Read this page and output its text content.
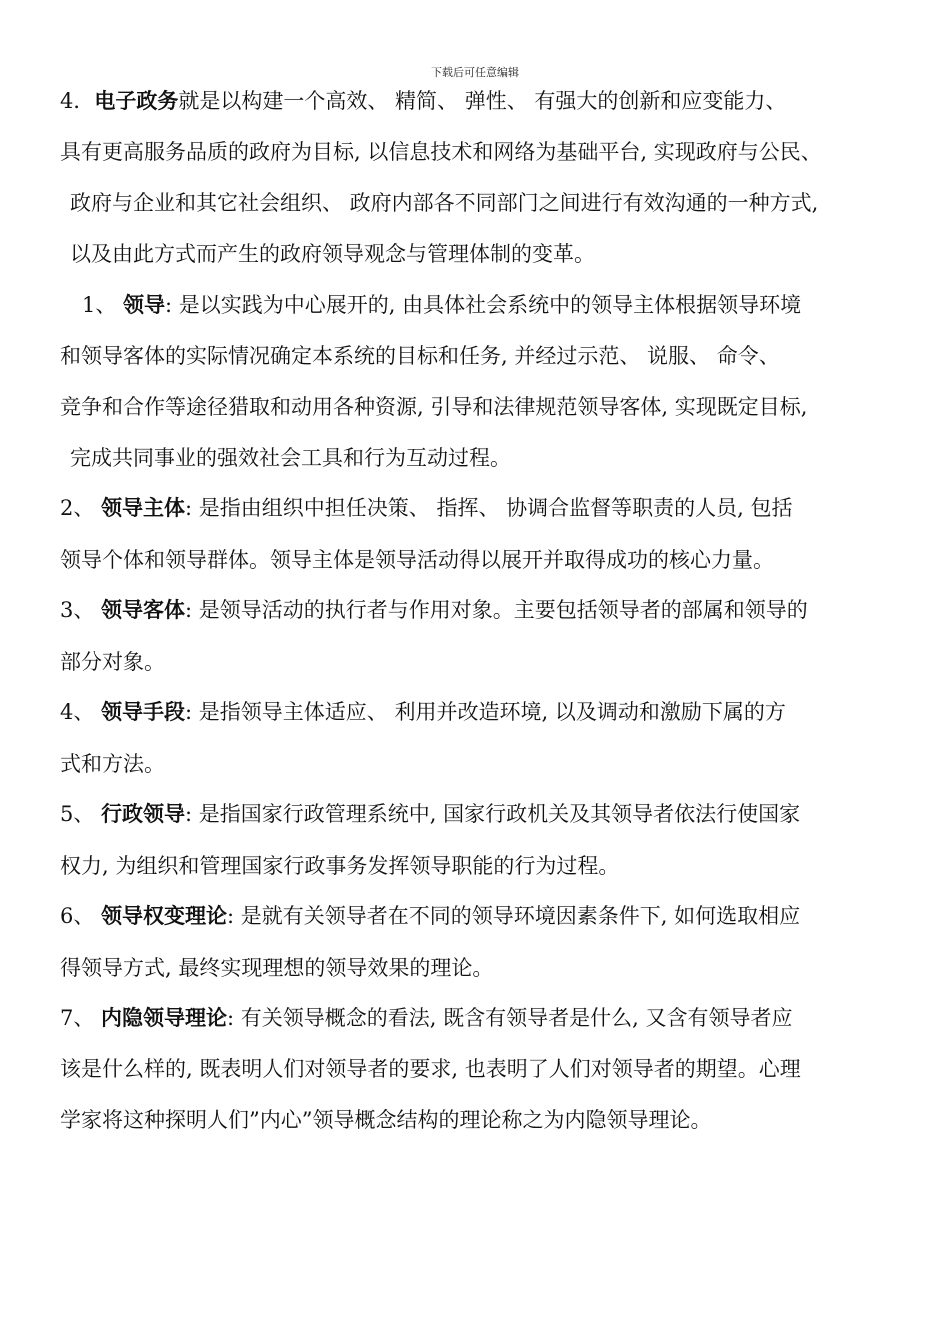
下载后可任意编辑
4．电子政务就是以构建一个高效、 精简、 弹性、 有强大的创新和应变能力、
具有更高服务品质的政府为目标, 以信息技术和网络为基础平台, 实现政府与公民、
政府与企业和其它社会组织、 政府内部各不同部门之间进行有效沟通的一种方式,
以及由此方式而产生的政府领导观念与管理体制的变革。
1、 领导: 是以实践为中心展开的, 由具体社会系统中的领导主体根据领导环境
和领导客体的实际情况确定本系统的目标和任务, 并经过示范、 说服、 命令、
竞争和合作等途径猎取和动用各种资源, 引导和法律规范领导客体, 实现既定目标,
完成共同事业的强效社会工具和行为互动过程。
2、 领导主体: 是指由组织中担任决策、 指挥、 协调合监督等职责的人员, 包括
领导个体和领导群体。领导主体是领导活动得以展开并取得成功的核心力量。
3、 领导客体: 是领导活动的执行者与作用对象。主要包括领导者的部属和领导的
部分对象。
4、 领导手段: 是指领导主体适应、 利用并改造环境, 以及调动和激励下属的方
式和方法。
5、 行政领导: 是指国家行政管理系统中, 国家行政机关及其领导者依法行使国家
权力, 为组织和管理国家行政事务发挥领导职能的行为过程。
6、 领导权变理论: 是就有关领导者在不同的领导环境因素条件下, 如何选取相应
得领导方式, 最终实现理想的领导效果的理论。
7、 内隐领导理论: 有关领导概念的看法, 既含有领导者是什么, 又含有领导者应
该是什么样的, 既表明人们对领导者的要求, 也表明了人们对领导者的期望。心理
学家将这种探明人们”内心”领导概念结构的理论称之为内隐领导理论。
